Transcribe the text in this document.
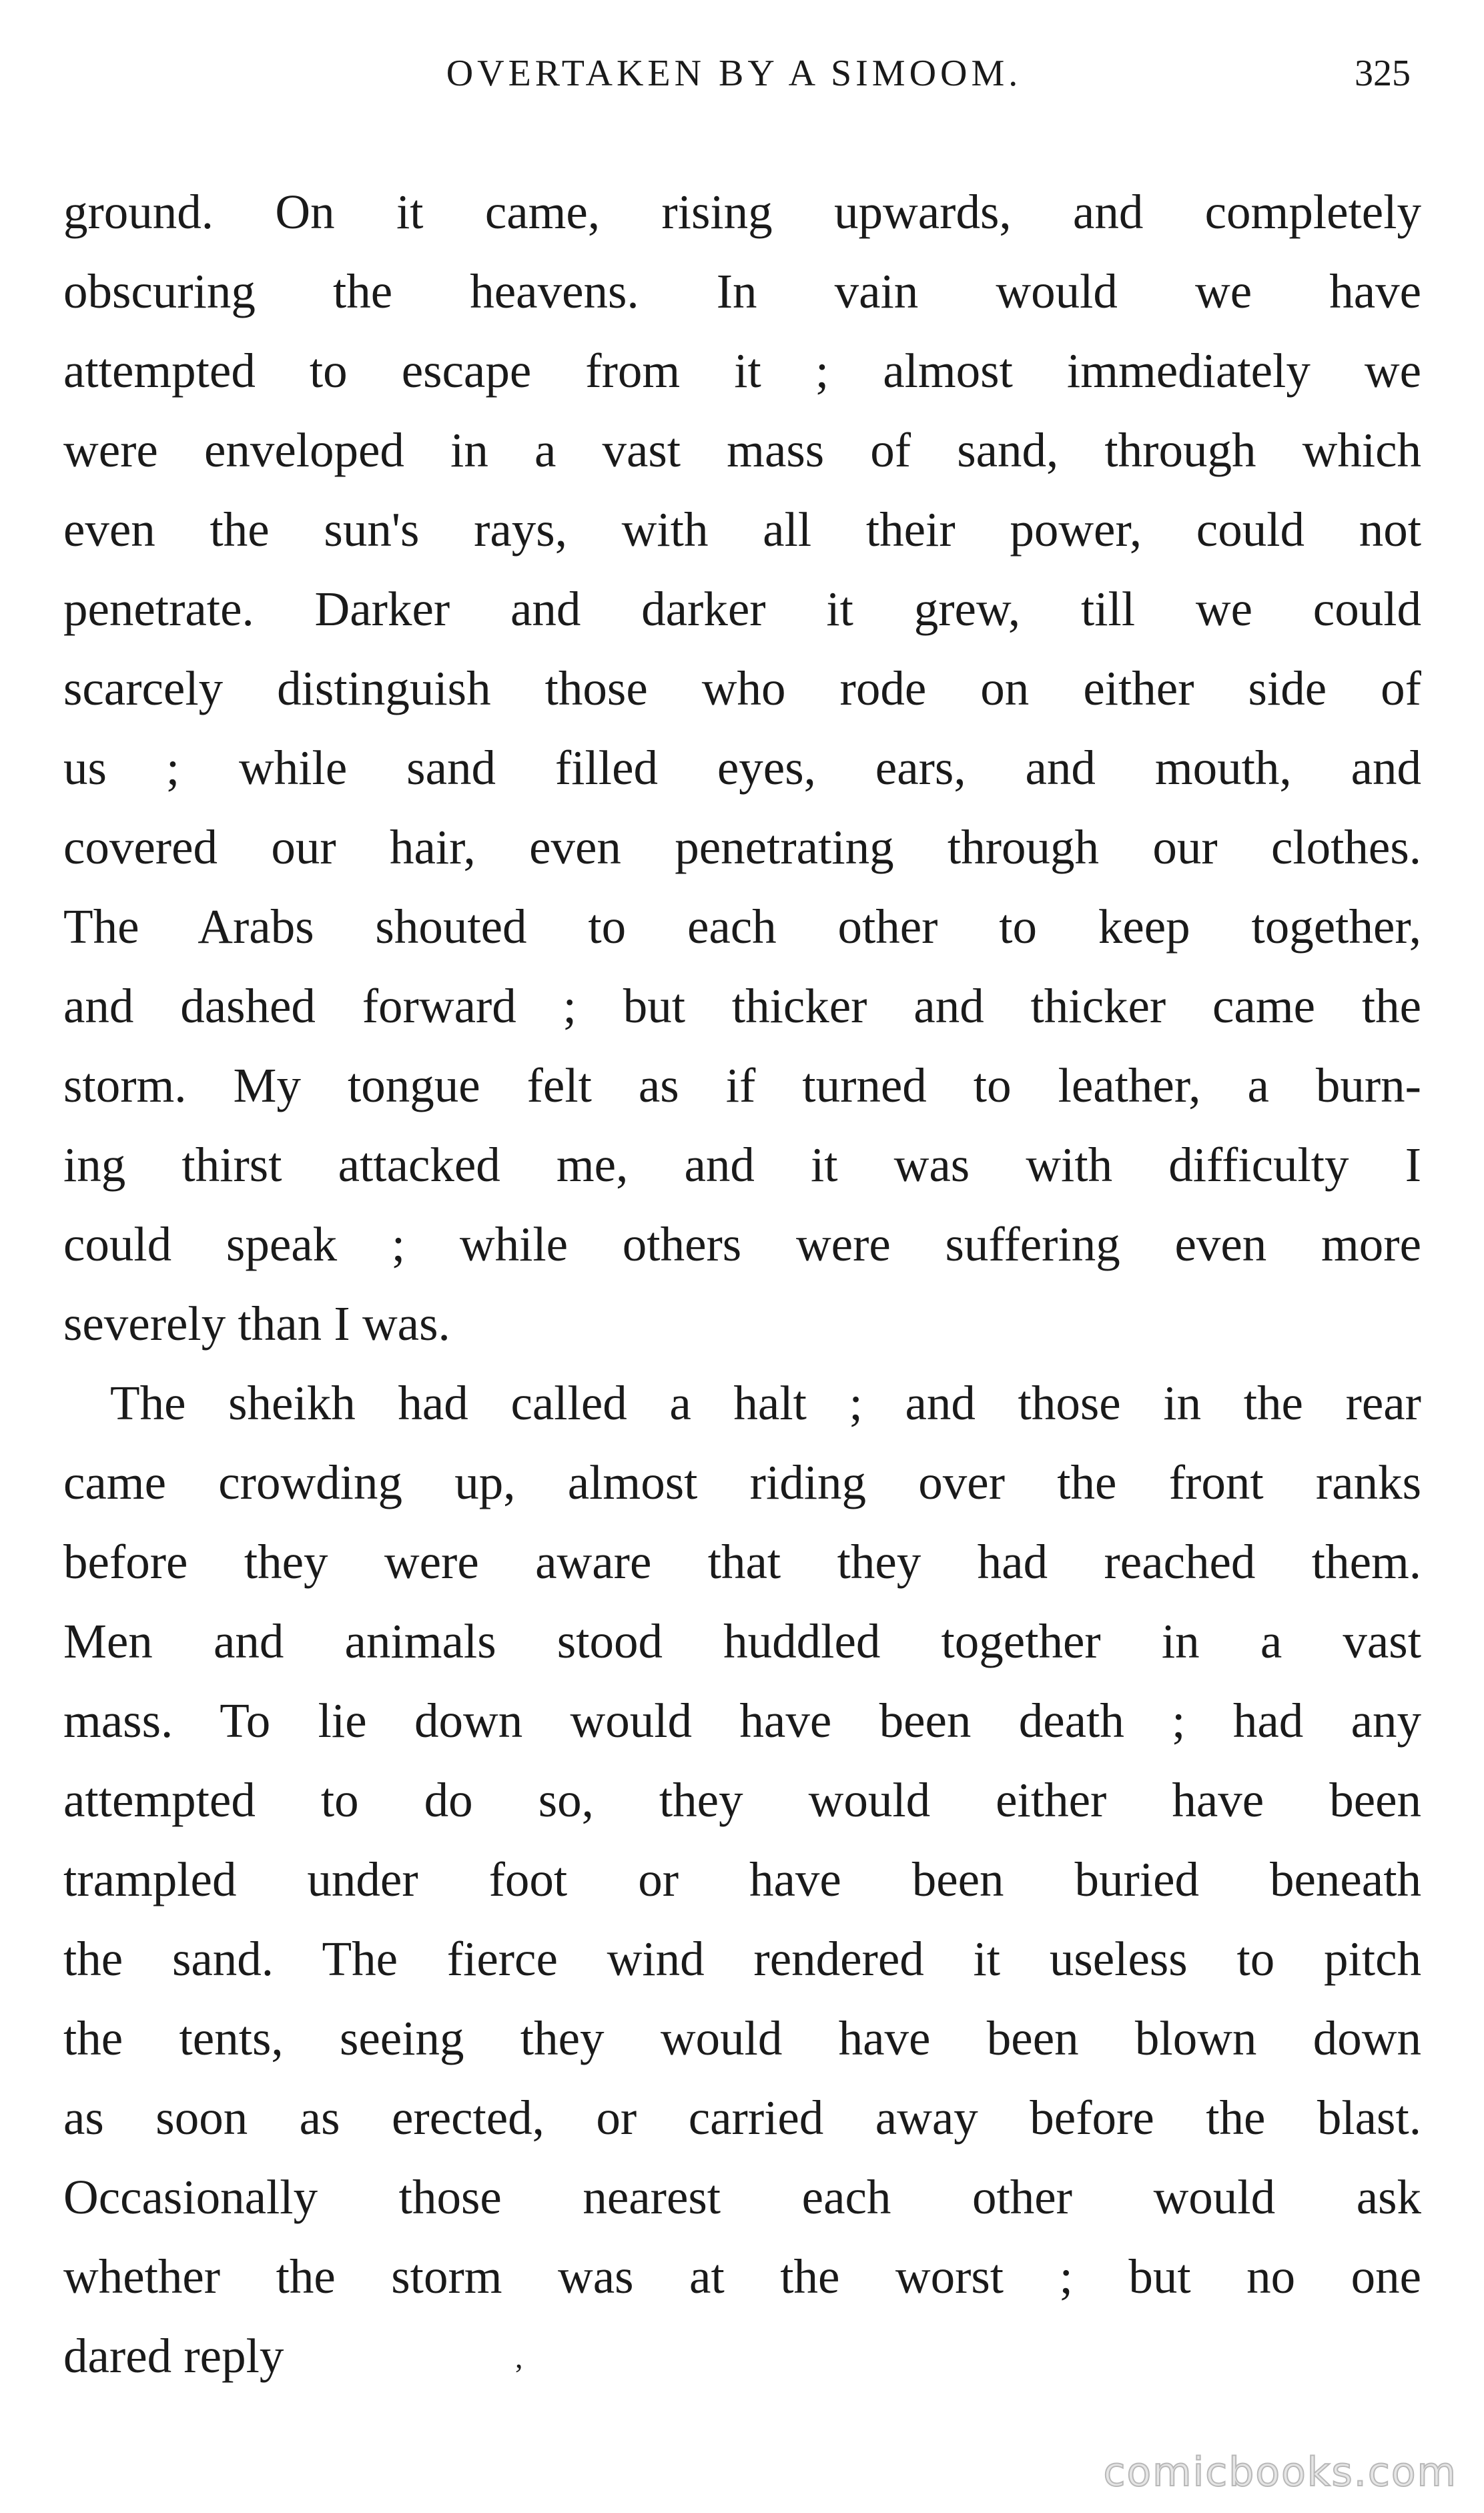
OVERTAKEN BY A SIMOOM.	325
ground. On it came, rising upwards, and completely
obscuring the heavens. In vain would we have
attempted to escape from it ; almost immediately we
were enveloped in a vast mass of sand, through which
even the sun's rays, with all their power, could not
penetrate. Darker and darker it grew, till we could
scarcely distinguish those who rode on either side of
us ; while sand filled eyes, ears, and mouth, and
covered our hair, even penetrating through our clothes.
The Arabs shouted to each other to keep together,
and dashed forward ; but thicker and thicker came the
storm. My tongue felt as if turned to leather, a burn-
ing thirst attacked me, and it was with difficulty I
could speak ; while others were suffering even more
severely than I was.
The sheikh had called a halt ; and those in the rear
came crowding up, almost riding over the front ranks
before they were aware that they had reached them.
Men and animals stood huddled together in a vast
mass. To lie down would have been death ; had any
attempted to do so, they would either have been
trampled under foot or have been buried beneath
the sand. The fierce wind rendered it useless to pitch
the tents, seeing they would have been blown down
as soon as erected, or carried away before the blast.
Occasionally those nearest each other would ask
whether the storm was at the worst ; but no one
dared reply	,
comicbooks.com
